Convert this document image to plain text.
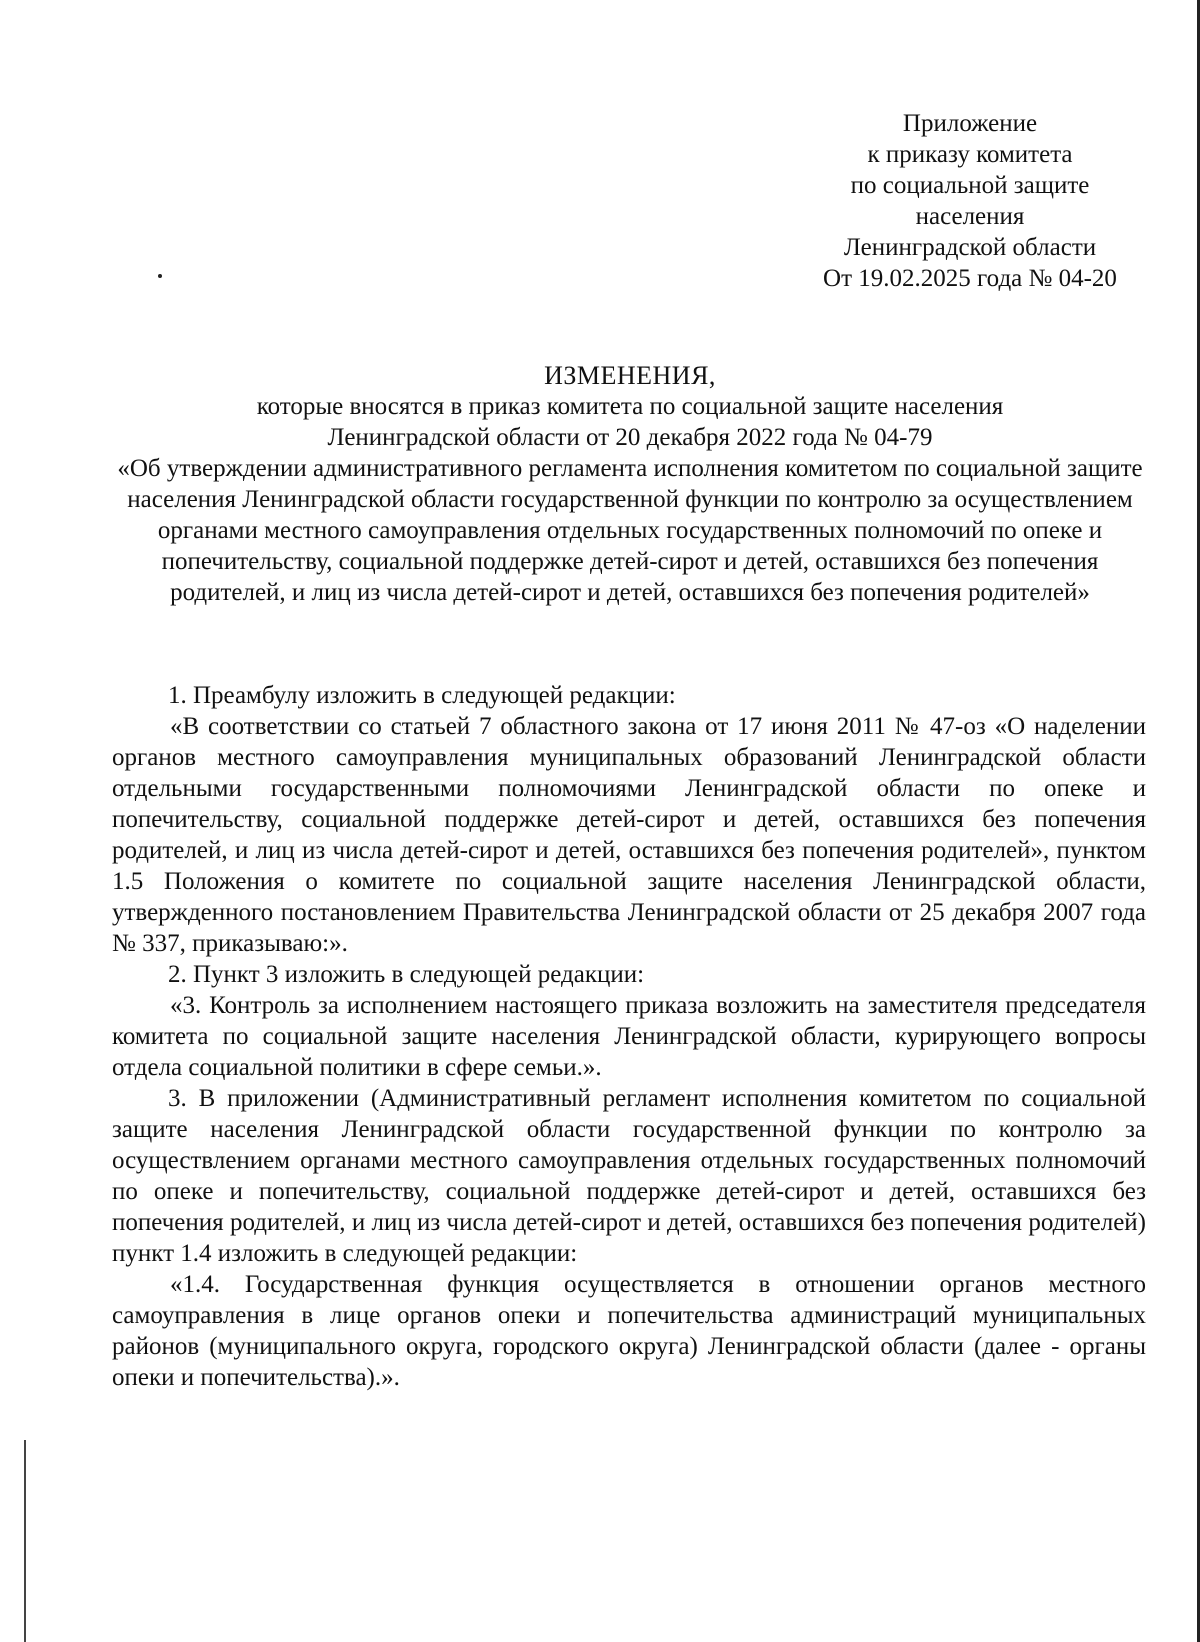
Приложение
к приказу комитета
по социальной защите
населения
Ленинградской области
От 19.02.2025 года № 04-20
ИЗМЕНЕНИЯ,
которые вносятся в приказ комитета по социальной защите населения
Ленинградской области от 20 декабря 2022 года № 04-79
«Об утверждении административного регламента исполнения комитетом по социальной защите населения Ленинградской области государственной функции по контролю за осуществлением органами местного самоуправления отдельных государственных полномочий по опеке и попечительству, социальной поддержке детей-сирот и детей, оставшихся без попечения родителей, и лиц из числа детей-сирот и детей, оставшихся без попечения родителей»

1. Преамбулу изложить в следующей редакции:

«В соответствии со статьей 7 областного закона от 17 июня 2011 № 47-оз «О наделении органов местного самоуправления муниципальных образований Ленинградской области отдельными государственными полномочиями Ленинградской области по опеке и попечительству, социальной поддержке детей-сирот и детей, оставшихся без попечения родителей, и лиц из числа детей-сирот и детей, оставшихся без попечения родителей», пунктом 1.5 Положения о комитете по социальной защите населения Ленинградской области, утвержденного постановлением Правительства Ленинградской области от 25 декабря 2007 года № 337, приказываю:».

2. Пункт 3 изложить в следующей редакции:

«3. Контроль за исполнением настоящего приказа возложить на заместителя председателя комитета по социальной защите населения Ленинградской области, курирующего вопросы отдела социальной политики в сфере семьи.».

3. В приложении (Административный регламент исполнения комитетом по социальной защите населения Ленинградской области государственной функции по контролю за осуществлением органами местного самоуправления отдельных государственных полномочий по опеке и попечительству, социальной поддержке детей-сирот и детей, оставшихся без попечения родителей, и лиц из числа детей-сирот и детей, оставшихся без попечения родителей) пункт 1.4 изложить в следующей редакции:

«1.4. Государственная функция осуществляется в отношении органов местного самоуправления в лице органов опеки и попечительства администраций муниципальных районов (муниципального округа, городского округа) Ленинградской области (далее - органы опеки и попечительства).».
